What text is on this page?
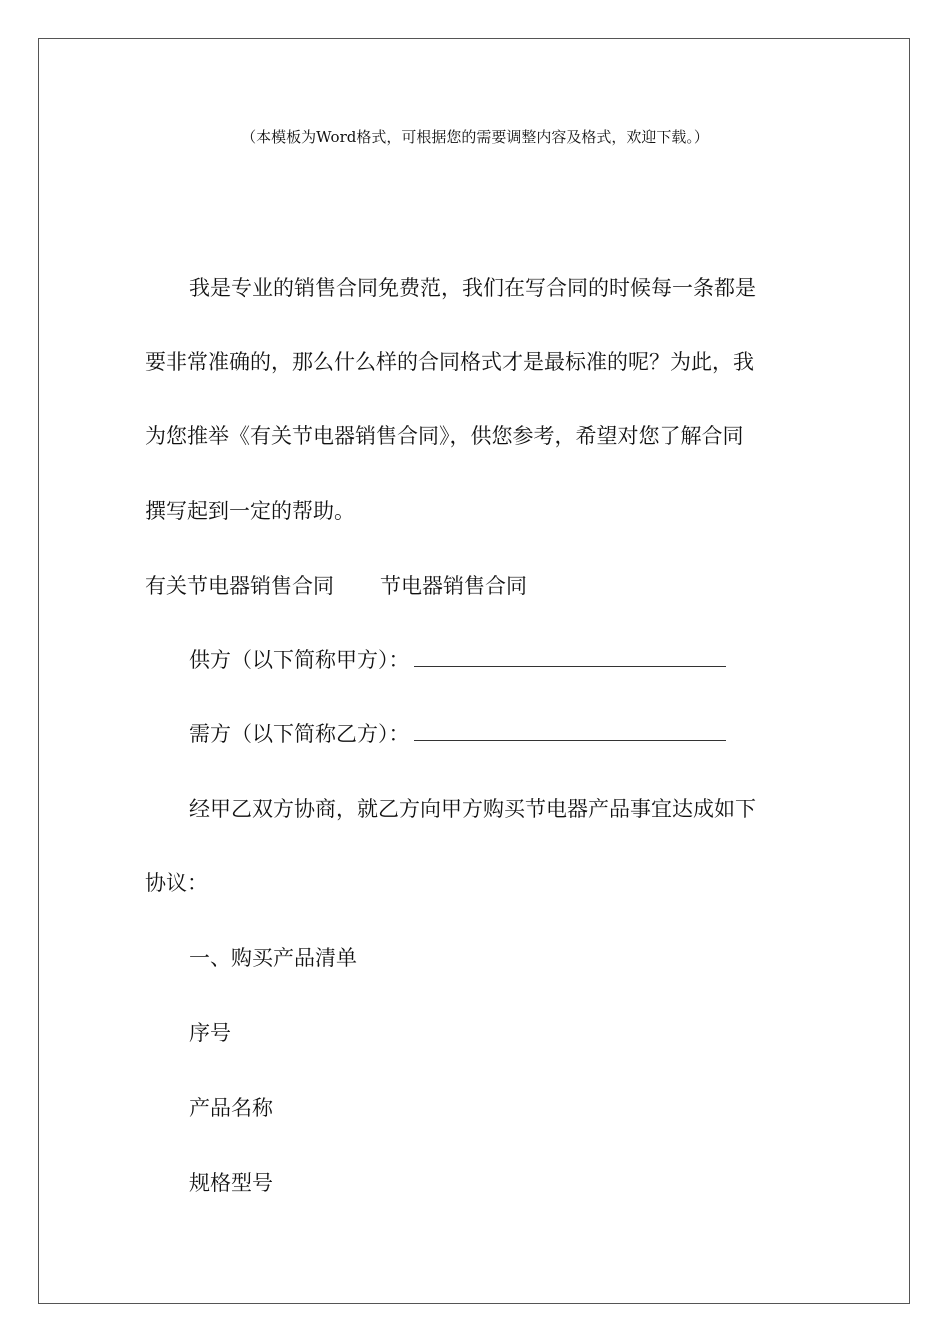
（本模板为Word格式，可根据您的需要调整内容及格式，欢迎下载。）
我是专业的销售合同免费范，我们在写合同的时候每一条都是
要非常准确的，那么什么样的合同格式才是最标准的呢？为此，我
为您推举《有关节电器销售合同》，供您参考，希望对您了解合同
撰写起到一定的帮助。
有关节电器销售合同 节电器销售合同
供方（以下简称甲方）：
需方（以下简称乙方）：
经甲乙双方协商，就乙方向甲方购买节电器产品事宜达成如下
协议：
一、购买产品清单
序号
产品名称
规格型号
